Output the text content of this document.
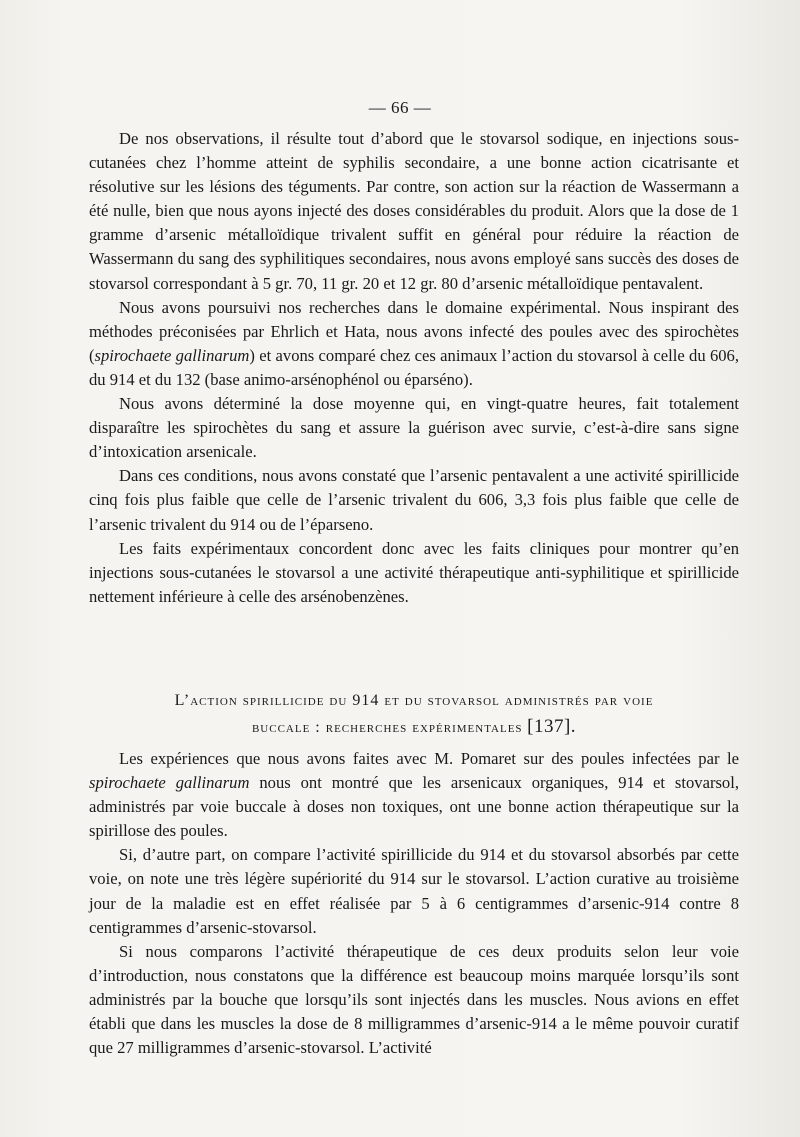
— 66 —

De nos observations, il résulte tout d’abord que le stovarsol sodique, en injections sous-cutanées chez l’homme atteint de syphilis secondaire, a une bonne action cicatrisante et résolutive sur les lésions des téguments. Par contre, son action sur la réaction de Wassermann a été nulle, bien que nous ayons injecté des doses considérables du produit. Alors que la dose de 1 gramme d’arsenic métalloïdique trivalent suffit en général pour réduire la réaction de Wassermann du sang des syphilitiques secondaires, nous avons employé sans succès des doses de stovarsol correspondant à 5 gr. 70, 11 gr. 20 et 12 gr. 80 d’arsenic métalloïdique pentavalent.

Nous avons poursuivi nos recherches dans le domaine expérimental. Nous inspirant des méthodes préconisées par Ehrlich et Hata, nous avons infecté des poules avec des spirochètes (spirochaete gallinarum) et avons comparé chez ces animaux l’action du stovarsol à celle du 606, du 914 et du 132 (base animo-arsénophénol ou éparséno).

Nous avons déterminé la dose moyenne qui, en vingt-quatre heures, fait totalement disparaître les spirochètes du sang et assure la guérison avec survie, c’est-à-dire sans signe d’intoxication arsenicale.

Dans ces conditions, nous avons constaté que l’arsenic pentavalent a une activité spirillicide cinq fois plus faible que celle de l’arsenic trivalent du 606, 3,3 fois plus faible que celle de l’arsenic trivalent du 914 ou de l’éparseno.

Les faits expérimentaux concordent donc avec les faits cliniques pour montrer qu’en injections sous-cutanées le stovarsol a une activité thérapeutique anti-syphilitique et spirillicide nettement inférieure à celle des arsénobenzènes.

L’action spirillicide du 914 et du stovarsol administrés par voie
buccale : recherches expérimentales [137].

Les expériences que nous avons faites avec M. Pomaret sur des poules infectées par le spirochaete gallinarum nous ont montré que les arsenicaux organiques, 914 et stovarsol, administrés par voie buccale à doses non toxiques, ont une bonne action thérapeutique sur la spirillose des poules.

Si, d’autre part, on compare l’activité spirillicide du 914 et du stovarsol absorbés par cette voie, on note une très légère supériorité du 914 sur le stovarsol. L’action curative au troisième jour de la maladie est en effet réalisée par 5 à 6 centigrammes d’arsenic-914 contre 8 centigrammes d’arsenic-stovarsol.

Si nous comparons l’activité thérapeutique de ces deux produits selon leur voie d’introduction, nous constatons que la différence est beaucoup moins marquée lorsqu’ils sont administrés par la bouche que lorsqu’ils sont injectés dans les muscles. Nous avions en effet établi que dans les muscles la dose de 8 milligrammes d’arsenic-914 a le même pouvoir curatif que 27 milligrammes d’arsenic-stovarsol. L’activité
